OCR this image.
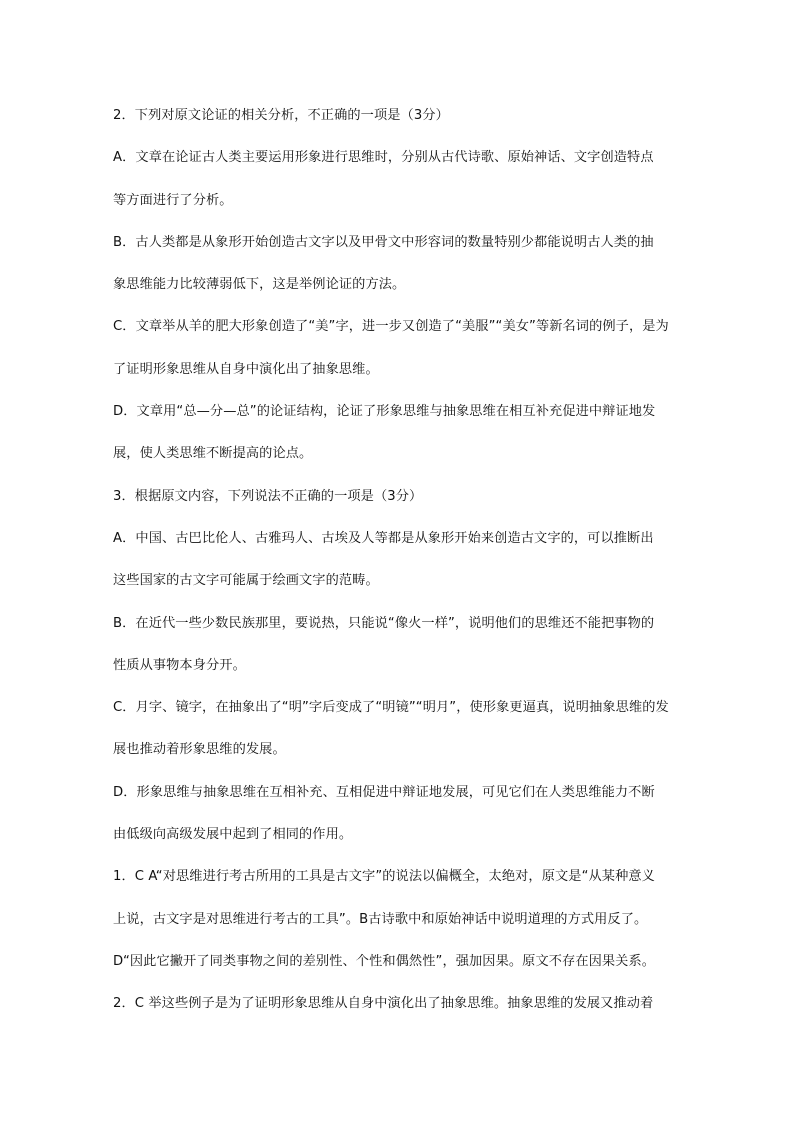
2．下列对原文论证的相关分析，不正确的一项是（3分）
A．文章在论证古人类主要运用形象进行思维时，分别从古代诗歌、原始神话、文字创造特点
等方面进行了分析。
B．古人类都是从象形开始创造古文字以及甲骨文中形容词的数量特别少都能说明古人类的抽
象思维能力比较薄弱低下，这是举例论证的方法。
C．文章举从羊的肥大形象创造了“美”字，进一步又创造了“美服”“美女”等新名词的例子，是为
了证明形象思维从自身中演化出了抽象思维。
D．文章用“总—分—总”的论证结构，论证了形象思维与抽象思维在相互补充促进中辩证地发
展，使人类思维不断提高的论点。
3．根据原文内容，下列说法不正确的一项是（3分）
A．中国、古巴比伦人、古雅玛人、古埃及人等都是从象形开始来创造古文字的，可以推断出
这些国家的古文字可能属于绘画文字的范畴。
B．在近代一些少数民族那里，要说热，只能说“像火一样”，说明他们的思维还不能把事物的
性质从事物本身分开。
C．月字、镜字，在抽象出了“明”字后变成了“明镜”“明月”，使形象更逼真，说明抽象思维的发
展也推动着形象思维的发展。
D．形象思维与抽象思维在互相补充、互相促进中辩证地发展，可见它们在人类思维能力不断
由低级向高级发展中起到了相同的作用。
1．C A“对思维进行考古所用的工具是古文字”的说法以偏概全，太绝对，原文是“从某种意义
上说，古文字是对思维进行考古的工具”。B古诗歌中和原始神话中说明道理的方式用反了。
D“因此它撇开了同类事物之间的差别性、个性和偶然性”，强加因果。原文不存在因果关系。
2．C 举这些例子是为了证明形象思维从自身中演化出了抽象思维。抽象思维的发展又推动着
